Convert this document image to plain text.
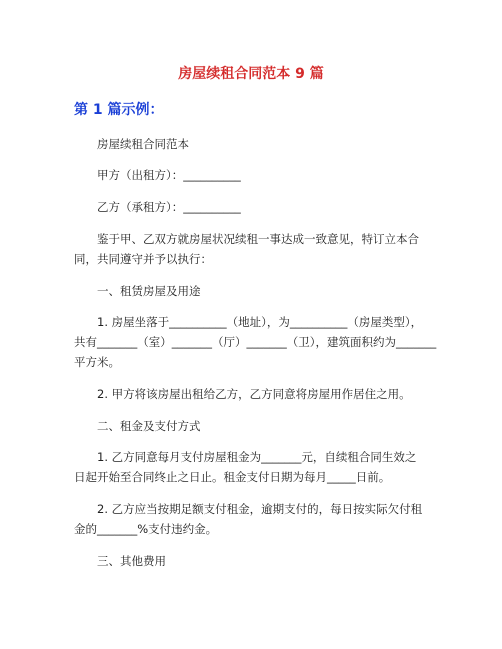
房屋续租合同范本 9 篇
第 1 篇示例：
房屋续租合同范本
甲方（出租方）：__________
乙方（承租方）：__________
鉴于甲、乙双方就房屋状况续租一事达成一致意见，特订立本合
同，共同遵守并予以执行：
一、租赁房屋及用途
1. 房屋坐落于__________（地址），为__________（房屋类型），
共有_______（室）_______（厅）_______（卫），建筑面积约为_______
平方米。
2. 甲方将该房屋出租给乙方，乙方同意将房屋用作居住之用。
二、租金及支付方式
1. 乙方同意每月支付房屋租金为_______元，自续租合同生效之
日起开始至合同终止之日止。租金支付日期为每月_____日前。
2. 乙方应当按期足额支付租金，逾期支付的，每日按实际欠付租
金的_______%支付违约金。
三、其他费用
